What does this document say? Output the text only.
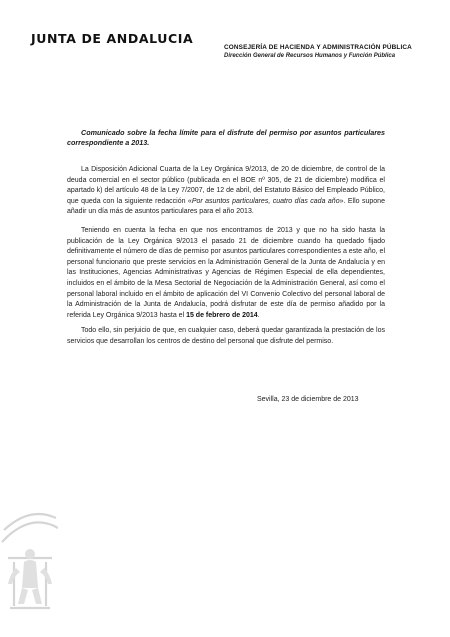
JUNTA DE ANDALUCIA
CONSEJERÍA DE HACIENDA Y ADMINISTRACIÓN PÚBLICA
Dirección General de Recursos Humanos y Función Pública
Comunicado sobre la fecha límite para el disfrute del permiso por asuntos particulares correspondiente a 2013.
La Disposición Adicional Cuarta de la Ley Orgánica 9/2013, de 20 de diciembre, de control de la deuda comercial en el sector público (publicada en el BOE nº 305, de 21 de diciembre) modifica el apartado k) del artículo 48 de la Ley 7/2007, de 12 de abril, del Estatuto Básico del Empleado Público, que queda con la siguiente redacción «Por asuntos particulares, cuatro días cada año». Ello supone añadir un día más de asuntos particulares para el año 2013.
Teniendo en cuenta la fecha en que nos encontramos de 2013 y que no ha sido hasta la publicación de la Ley Orgánica 9/2013 el pasado 21 de diciembre cuando ha quedado fijado definitivamente el número de días de permiso por asuntos particulares correspondientes a este año, el personal funcionario que preste servicios en la Administración General de la Junta de Andalucía y en las Instituciones, Agencias Administrativas y Agencias de Régimen Especial de ella dependientes, incluidos en el ámbito de la Mesa Sectorial de Negociación de la Administración General, así como el personal laboral incluido en el ámbito de aplicación del VI Convenio Colectivo del personal laboral de la Administración de la Junta de Andalucía, podrá disfrutar de este día de permiso añadido por la referida Ley Orgánica 9/2013 hasta el 15 de febrero de 2014.
Todo ello, sin perjuicio de que, en cualquier caso, deberá quedar garantizada la prestación de los servicios que desarrollan los centros de destino del personal que disfrute del permiso.
Sevilla, 23 de diciembre de 2013
